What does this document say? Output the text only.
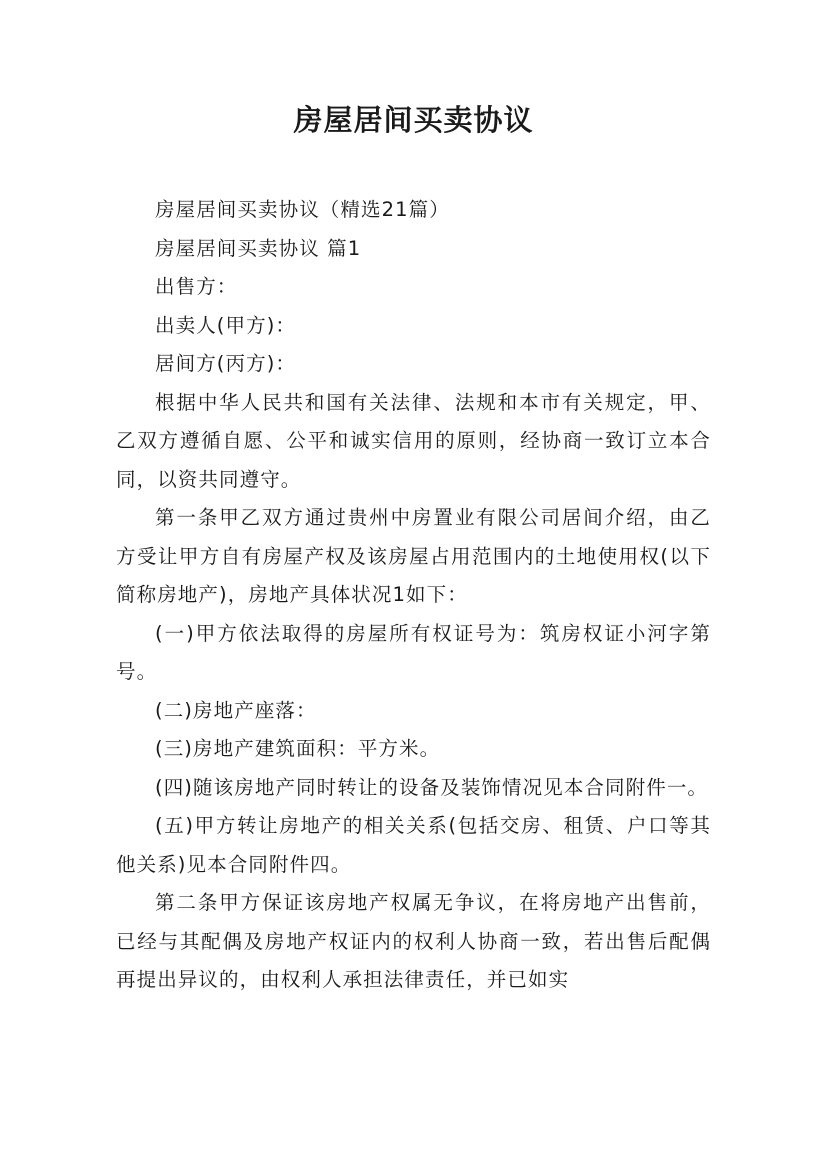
房屋居间买卖协议

房屋居间买卖协议（精选21篇）

房屋居间买卖协议 篇1

出售方：

出卖人(甲方)：

居间方(丙方)：

根据中华人民共和国有关法律、法规和本市有关规定，甲、乙双方遵循自愿、公平和诚实信用的原则，经协商一致订立本合同，以资共同遵守。

第一条甲乙双方通过贵州中房置业有限公司居间介绍，由乙方受让甲方自有房屋产权及该房屋占用范围内的土地使用权(以下简称房地产)，房地产具体状况1如下：

(一)甲方依法取得的房屋所有权证号为：筑房权证小河字第号。

(二)房地产座落：

(三)房地产建筑面积：平方米。

(四)随该房地产同时转让的设备及装饰情况见本合同附件一。

(五)甲方转让房地产的相关关系(包括交房、租赁、户口等其他关系)见本合同附件四。

第二条甲方保证该房地产权属无争议，在将房地产出售前，已经与其配偶及房地产权证内的权利人协商一致，若出售后配偶再提出异议的，由权利人承担法律责任，并已如实
